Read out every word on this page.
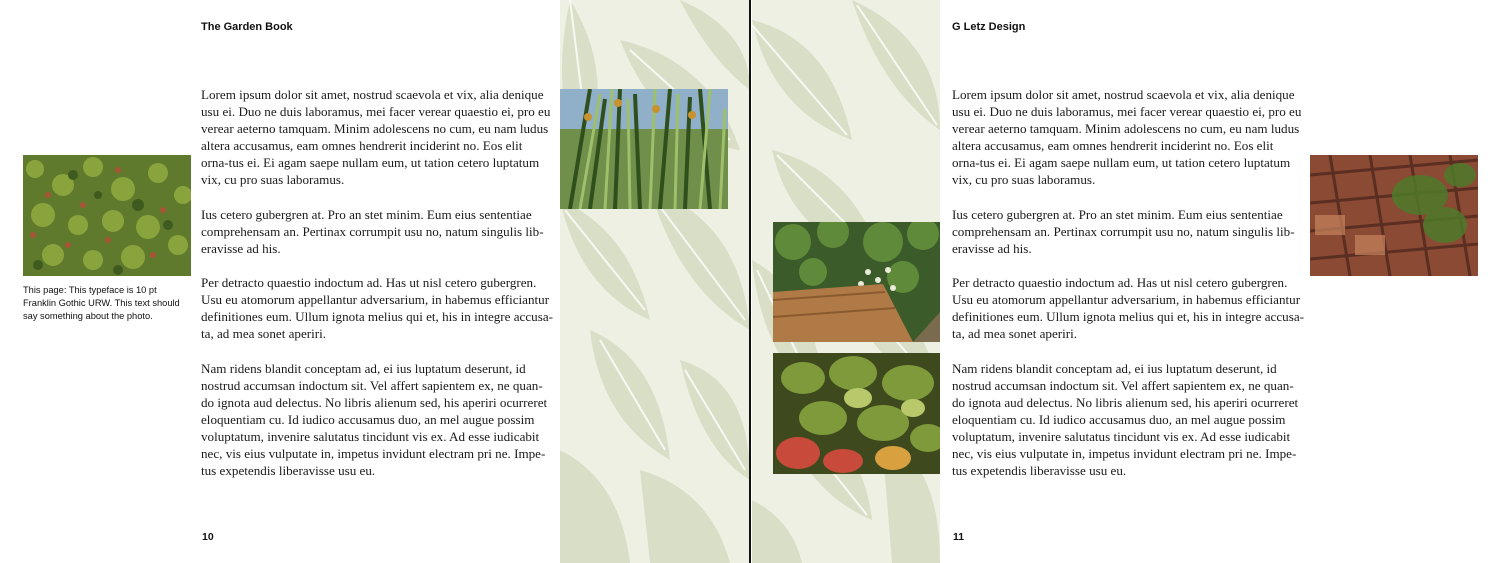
The Garden Book
This page: This typeface is 10 pt Franklin Gothic URW. This text should say something about the photo.

Lorem ipsum dolor sit amet, nostrud scaevola et vix, alia denique usu ei. Duo ne duis laboramus, mei facer verear quaestio ei, pro eu verear aeterno tamquam. Minim adolescens no cum, eu nam ludus altera accusamus, eam omnes hendrerit inciderint no. Eos elit orna-tus ei. Ei agam saepe nullam eum, ut tation cetero luptatum vix, cu pro suas laboramus.

Ius cetero gubergren at. Pro an stet minim. Eum eius sententiae comprehensam an. Pertinax corrumpit usu no, natum singulis lib-eravisse ad his.

Per detracto quaestio indoctum ad. Has ut nisl cetero gubergren. Usu eu atomorum appellantur adversarium, in habemus efficiantur definitiones eum. Ullum ignota melius qui et, his in integre accusa-ta, ad mea sonet aperiri.

Nam ridens blandit conceptam ad, ei ius luptatum deserunt, id nostrud accumsan indoctum sit. Vel affert sapientem ex, ne quan-do ignota aud delectus. No libris alienum sed, his aperiri ocurreret eloquentiam cu. Id iudico accusamus duo, an mel augue possim voluptatum, invenire salutatus tincidunt vis ex. Ad esse iudicabit nec, vis eius vulputate in, impetus invidunt electram pri ne. Impe-tus expetendis liberavisse usu eu.

10
G Letz Design

Lorem ipsum dolor sit amet, nostrud scaevola et vix, alia denique usu ei. Duo ne duis laboramus, mei facer verear quaestio ei, pro eu verear aeterno tamquam. Minim adolescens no cum, eu nam ludus altera accusamus, eam omnes hendrerit inciderint no. Eos elit orna-tus ei. Ei agam saepe nullam eum, ut tation cetero luptatum vix, cu pro suas laboramus.

Ius cetero gubergren at. Pro an stet minim. Eum eius sententiae comprehensam an. Pertinax corrumpit usu no, natum singulis lib-eravisse ad his.

Per detracto quaestio indoctum ad. Has ut nisl cetero gubergren. Usu eu atomorum appellantur adversarium, in habemus efficiantur definitiones eum. Ullum ignota melius qui et, his in integre accusa-ta, ad mea sonet aperiri.

Nam ridens blandit conceptam ad, ei ius luptatum deserunt, id nostrud accumsan indoctum sit. Vel affert sapientem ex, ne quan-do ignota aud delectus. No libris alienum sed, his aperiri ocurreret eloquentiam cu. Id iudico accusamus duo, an mel augue possim voluptatum, invenire salutatus tincidunt vis ex. Ad esse iudicabit nec, vis eius vulputate in, impetus invidunt electram pri ne. Impe-tus expetendis liberavisse usu eu.

11
